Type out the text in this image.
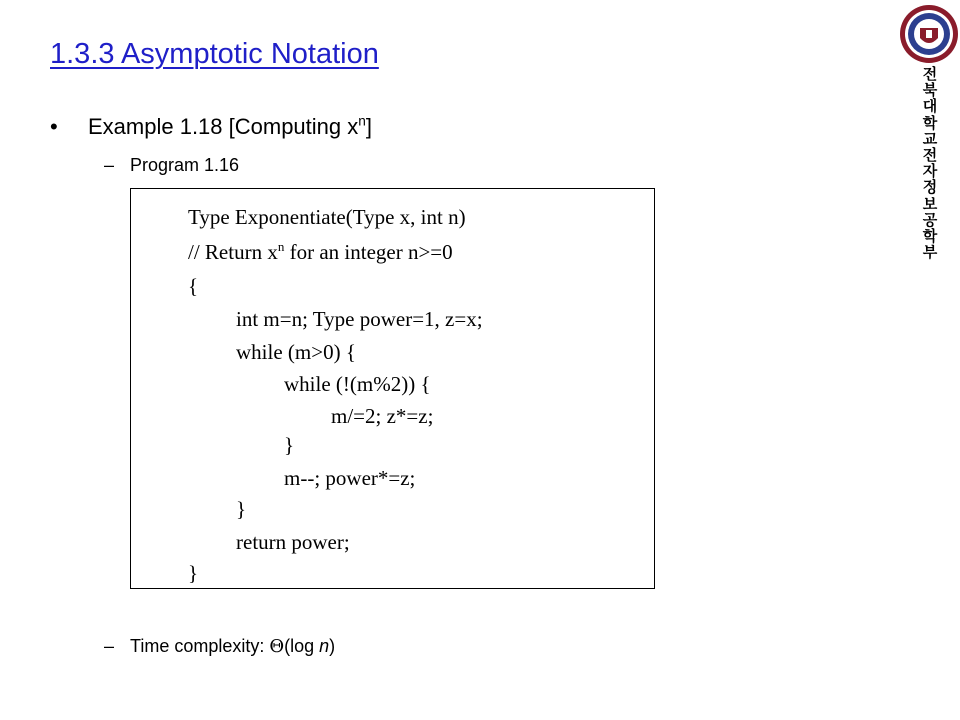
1.3.3 Asymptotic Notation
전북대학교 전자정보공학부
• Example 1.18 [Computing $x^n$]
– Program 1.16
Type Exponentiate(Type x, int n)
// Return $x^n$ for an integer n>=0
{
int m=n; Type power=1, z=x;
while (m>0) {
while (!(m%2)) {
m/=2; z*=z;
}
m--; power*=z;
}
return power;
}
– Time complexity: Θ(log n)
